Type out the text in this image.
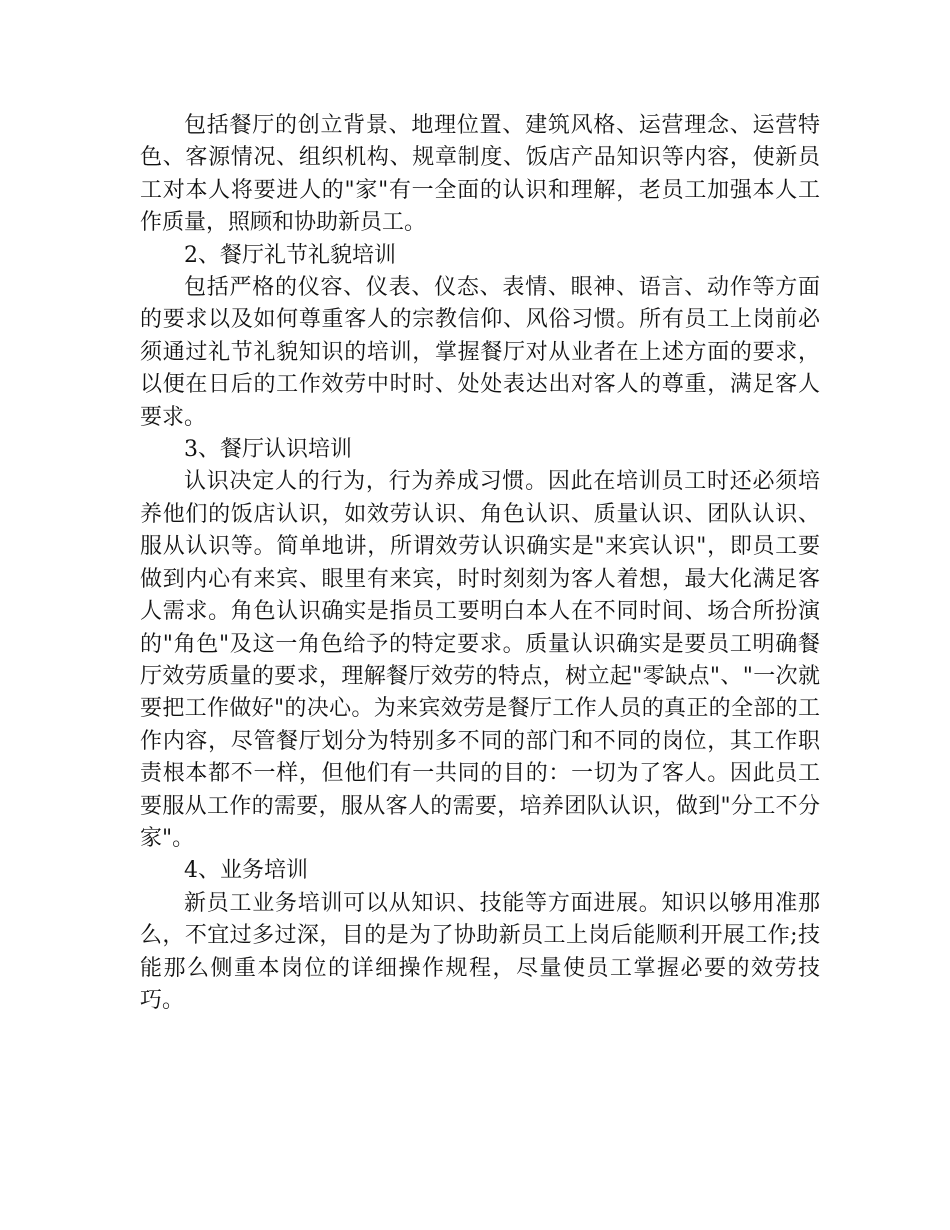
包括餐厅的创立背景、地理位置、建筑风格、运营理念、运营特色、客源情况、组织机构、规章制度、饭店产品知识等内容，使新员工对本人将要进人的"家"有一全面的认识和理解，老员工加强本人工作质量，照顾和协助新员工。

2、餐厅礼节礼貌培训

包括严格的仪容、仪表、仪态、表情、眼神、语言、动作等方面的要求以及如何尊重客人的宗教信仰、风俗习惯。所有员工上岗前必须通过礼节礼貌知识的培训，掌握餐厅对从业者在上述方面的要求，以便在日后的工作效劳中时时、处处表达出对客人的尊重，满足客人要求。

3、餐厅认识培训

认识决定人的行为，行为养成习惯。因此在培训员工时还必须培养他们的饭店认识，如效劳认识、角色认识、质量认识、团队认识、服从认识等。简单地讲，所谓效劳认识确实是"来宾认识"，即员工要做到内心有来宾、眼里有来宾，时时刻刻为客人着想，最大化满足客人需求。角色认识确实是指员工要明白本人在不同时间、场合所扮演的"角色"及这一角色给予的特定要求。质量认识确实是要员工明确餐厅效劳质量的要求，理解餐厅效劳的特点，树立起"零缺点"、"一次就要把工作做好"的决心。为来宾效劳是餐厅工作人员的真正的全部的工作内容，尽管餐厅划分为特别多不同的部门和不同的岗位，其工作职责根本都不一样，但他们有一共同的目的：一切为了客人。因此员工要服从工作的需要，服从客人的需要，培养团队认识，做到"分工不分家"。

4、业务培训

新员工业务培训可以从知识、技能等方面进展。知识以够用准那么，不宜过多过深，目的是为了协助新员工上岗后能顺利开展工作;技能那么侧重本岗位的详细操作规程，尽量使员工掌握必要的效劳技巧。
